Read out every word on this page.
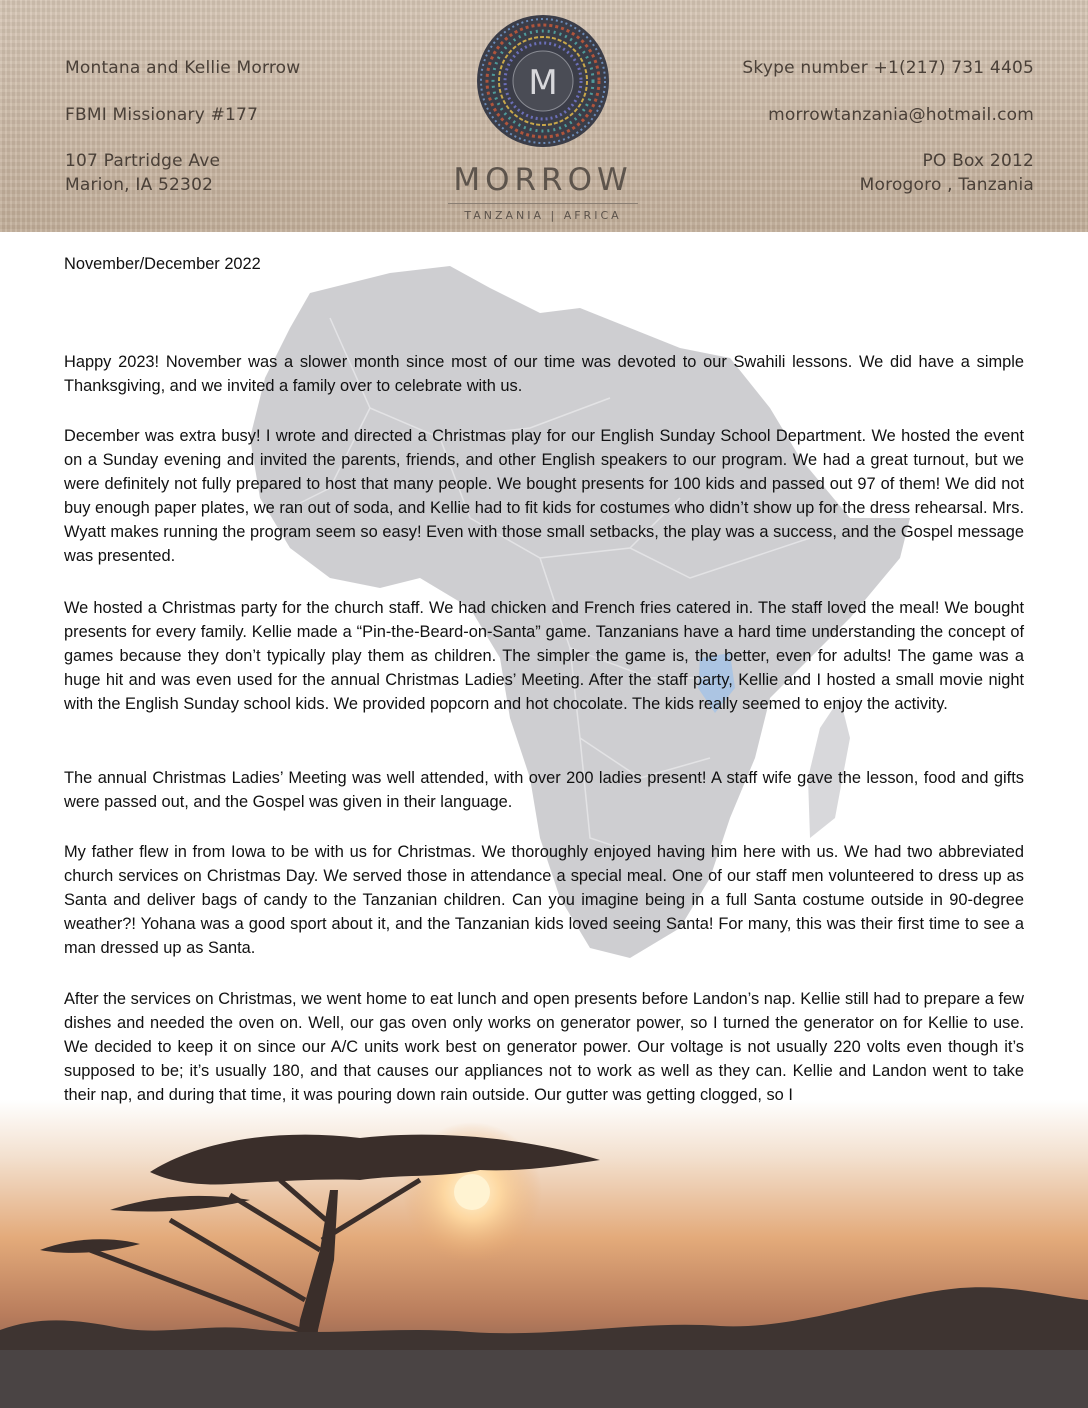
Montana and Kellie Morrow
FBMI Missionary #177
107 Partridge Ave
Marion, IA 52302
M
MORROW
TANZANIA | AFRICA
Skype number +1(217) 731 4405
morrowtanzania@hotmail.com
PO Box 2012
Morogoro , Tanzania

November/December 2022

Happy 2023! November was a slower month since most of our time was devoted to our Swahili lessons. We did have a simple Thanksgiving, and we invited a family over to celebrate with us.

December was extra busy! I wrote and directed a Christmas play for our English Sunday School Department. We hosted the event on a Sunday evening and invited the parents, friends, and other English speakers to our program. We had a great turnout, but we were definitely not fully prepared to host that many people. We bought presents for 100 kids and passed out 97 of them! We did not buy enough paper plates, we ran out of soda, and Kellie had to fit kids for costumes who didn’t show up for the dress rehearsal. Mrs. Wyatt makes running the program seem so easy! Even with those small setbacks, the play was a success, and the Gospel message was presented.

We hosted a Christmas party for the church staff. We had chicken and French fries catered in. The staff loved the meal! We bought presents for every family. Kellie made a “Pin-the-Beard-on-Santa” game. Tanzanians have a hard time understanding the concept of games because they don’t typically play them as children. The simpler the game is, the better, even for adults! The game was a huge hit and was even used for the annual Christmas Ladies’ Meeting. After the staff party, Kellie and I hosted a small movie night with the English Sunday school kids. We provided popcorn and hot chocolate. The kids really seemed to enjoy the activity.

The annual Christmas Ladies’ Meeting was well attended, with over 200 ladies present! A staff wife gave the lesson, food and gifts were passed out, and the Gospel was given in their language.

My father flew in from Iowa to be with us for Christmas. We thoroughly enjoyed having him here with us. We had two abbreviated church services on Christmas Day. We served those in attendance a special meal. One of our staff men volunteered to dress up as Santa and deliver bags of candy to the Tanzanian children. Can you imagine being in a full Santa costume outside in 90-degree weather?! Yohana was a good sport about it, and the Tanzanian kids loved seeing Santa! For many, this was their first time to see a man dressed up as Santa.

After the services on Christmas, we went home to eat lunch and open presents before Landon’s nap. Kellie still had to prepare a few dishes and needed the oven on. Well, our gas oven only works on generator power, so I turned the generator on for Kellie to use. We decided to keep it on since our A/C units work best on generator power. Our voltage is not usually 220 volts even though it’s supposed to be; it’s usually 180, and that causes our appliances not to work as well as they can. Kellie and Landon went to take their nap, and during that time, it was pouring down rain outside. Our gutter was getting clogged, so I
